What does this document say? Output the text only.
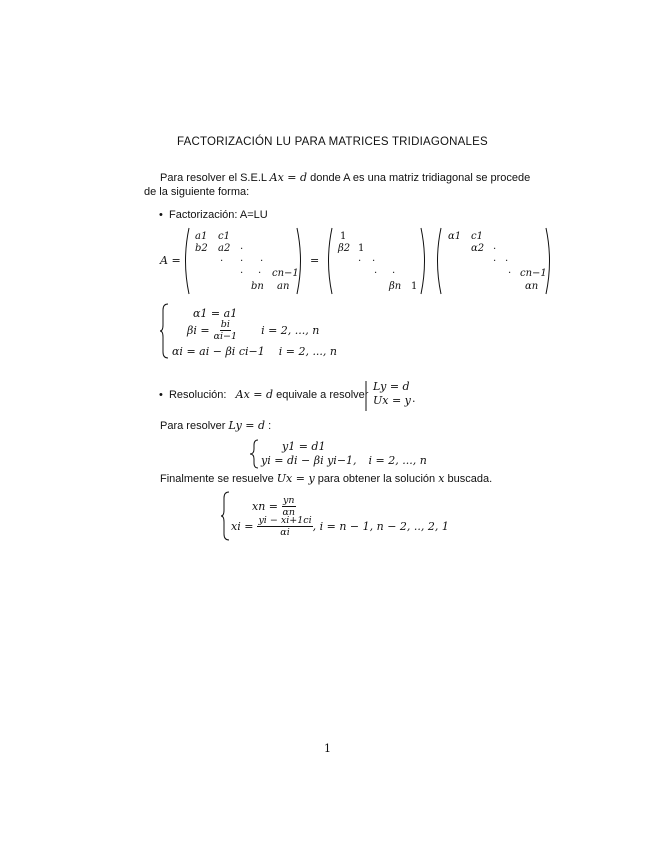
FACTORIZACIÓN LU PARA MATRICES TRIDIAGONALES
Para resolver el S.E.L Ax = d donde A es una matriz tridiagonal se procede
de la siguiente forma:
• Factorización: A=LU
A =
a1 c1
b2 a2 .
. . .
. . cn−1
bn an
=
1
β2 1
. .
. .
βn 1
α1 c1
α2 .
. .
. cn−1
αn
α1 = a1
$\beta i = \frac{bi}{\alpha i-1}$ i = 2, ..., n
αi = ai − βi ci−1 i = 2, ..., n
• Resolución: Ax = d equivale a resolver
Ly = d
Ux = y .
Para resolver Ly = d :
y1 = d1
yi = di − βi yi−1, i = 2, ..., n
Finalmente se resuelve Ux = y para obtener la solución x buscada.
xn = $\frac{yn}{\alpha n}$
xi = $\frac{yi - xi+1ci}{\alpha i}$ , i = n − 1, n − 2, .., 2, 1
1
